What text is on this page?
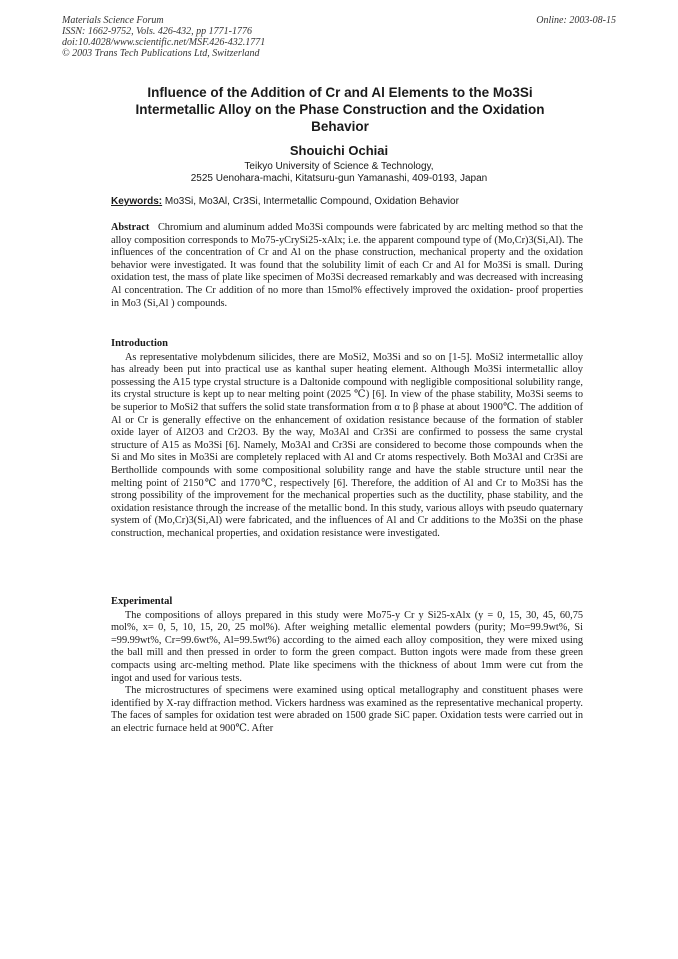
Materials Science Forum
ISSN: 1662-9752, Vols. 426-432, pp 1771-1776
doi:10.4028/www.scientific.net/MSF.426-432.1771
© 2003 Trans Tech Publications Ltd, Switzerland
Online: 2003-08-15
Influence of the Addition of Cr and Al Elements to the Mo3Si Intermetallic Alloy on the Phase Construction and the Oxidation Behavior
Shouichi Ochiai
Teikyo University of Science & Technology,
2525 Uenohara-machi, Kitatsuru-gun Yamanashi, 409-0193, Japan
Keywords: Mo3Si, Mo3Al, Cr3Si, Intermetallic Compound, Oxidation Behavior

Abstract Chromium and aluminum added Mo3Si compounds were fabricated by arc melting method so that the alloy composition corresponds to Mo75-yCrySi25-xAlx; i.e. the apparent compound type of (Mo,Cr)3(Si,Al). The influences of the concentration of Cr and Al on the phase construction, mechanical property and the oxidation behavior were investigated. It was found that the solubility limit of each Cr and Al for Mo3Si is small. During oxidation test, the mass of plate like specimen of Mo3Si decreased remarkably and was decreased with increasing Al concentration. The Cr addition of no more than 15mol% effectively improved the oxidation- proof properties in Mo3 (Si,Al ) compounds.

Introduction

As representative molybdenum silicides, there are MoSi2, Mo3Si and so on [1-5]. MoSi2 intermetallic alloy has already been put into practical use as kanthal super heating element. Although Mo3Si intermetallic alloy possessing the A15 type crystal structure is a Daltonide compound with negligible compositional solubility range, its crystal structure is kept up to near melting point (2025 ℃) [6]. In view of the phase stability, Mo3Si seems to be superior to MoSi2 that suffers the solid state transformation from α to β phase at about 1900℃. The addition of Al or Cr is generally effective on the enhancement of oxidation resistance because of the formation of stabler oxide layer of Al2O3 and Cr2O3. By the way, Mo3Al and Cr3Si are confirmed to possess the same crystal structure of A15 as Mo3Si [6]. Namely, Mo3Al and Cr3Si are considered to become those compounds when the Si and Mo sites in Mo3Si are completely replaced with Al and Cr atoms respectively. Both Mo3Al and Cr3Si are Berthollide compounds with some compositional solubility range and have the stable structure until near the melting point of 2150℃ and 1770℃, respectively [6]. Therefore, the addition of Al and Cr to Mo3Si has the strong possibility of the improvement for the mechanical properties such as the ductility, phase stability, and the oxidation resistance through the increase of the metallic bond. In this study, various alloys with pseudo quaternary system of (Mo,Cr)3(Si,Al) were fabricated, and the influences of Al and Cr additions to the Mo3Si on the phase construction, mechanical properties, and oxidation resistance were investigated.

Experimental

The compositions of alloys prepared in this study were Mo75-y Cr y Si25-xAlx (y = 0, 15, 30, 45, 60,75 mol%, x= 0, 5, 10, 15, 20, 25 mol%). After weighing metallic elemental powders (purity; Mo=99.9wt%, Si =99.99wt%, Cr=99.6wt%, Al=99.5wt%) according to the aimed each alloy composition, they were mixed using the ball mill and then pressed in order to form the green compact. Button ingots were made from these green compacts using arc-melting method. Plate like specimens with the thickness of about 1mm were cut from the ingot and used for various tests.

The microstructures of specimens were examined using optical metallography and constituent phases were identified by X-ray diffraction method. Vickers hardness was examined as the representative mechanical property. The faces of samples for oxidation test were abraded on 1500 grade SiC paper. Oxidation tests were carried out in an electric furnace held at 900℃. After
